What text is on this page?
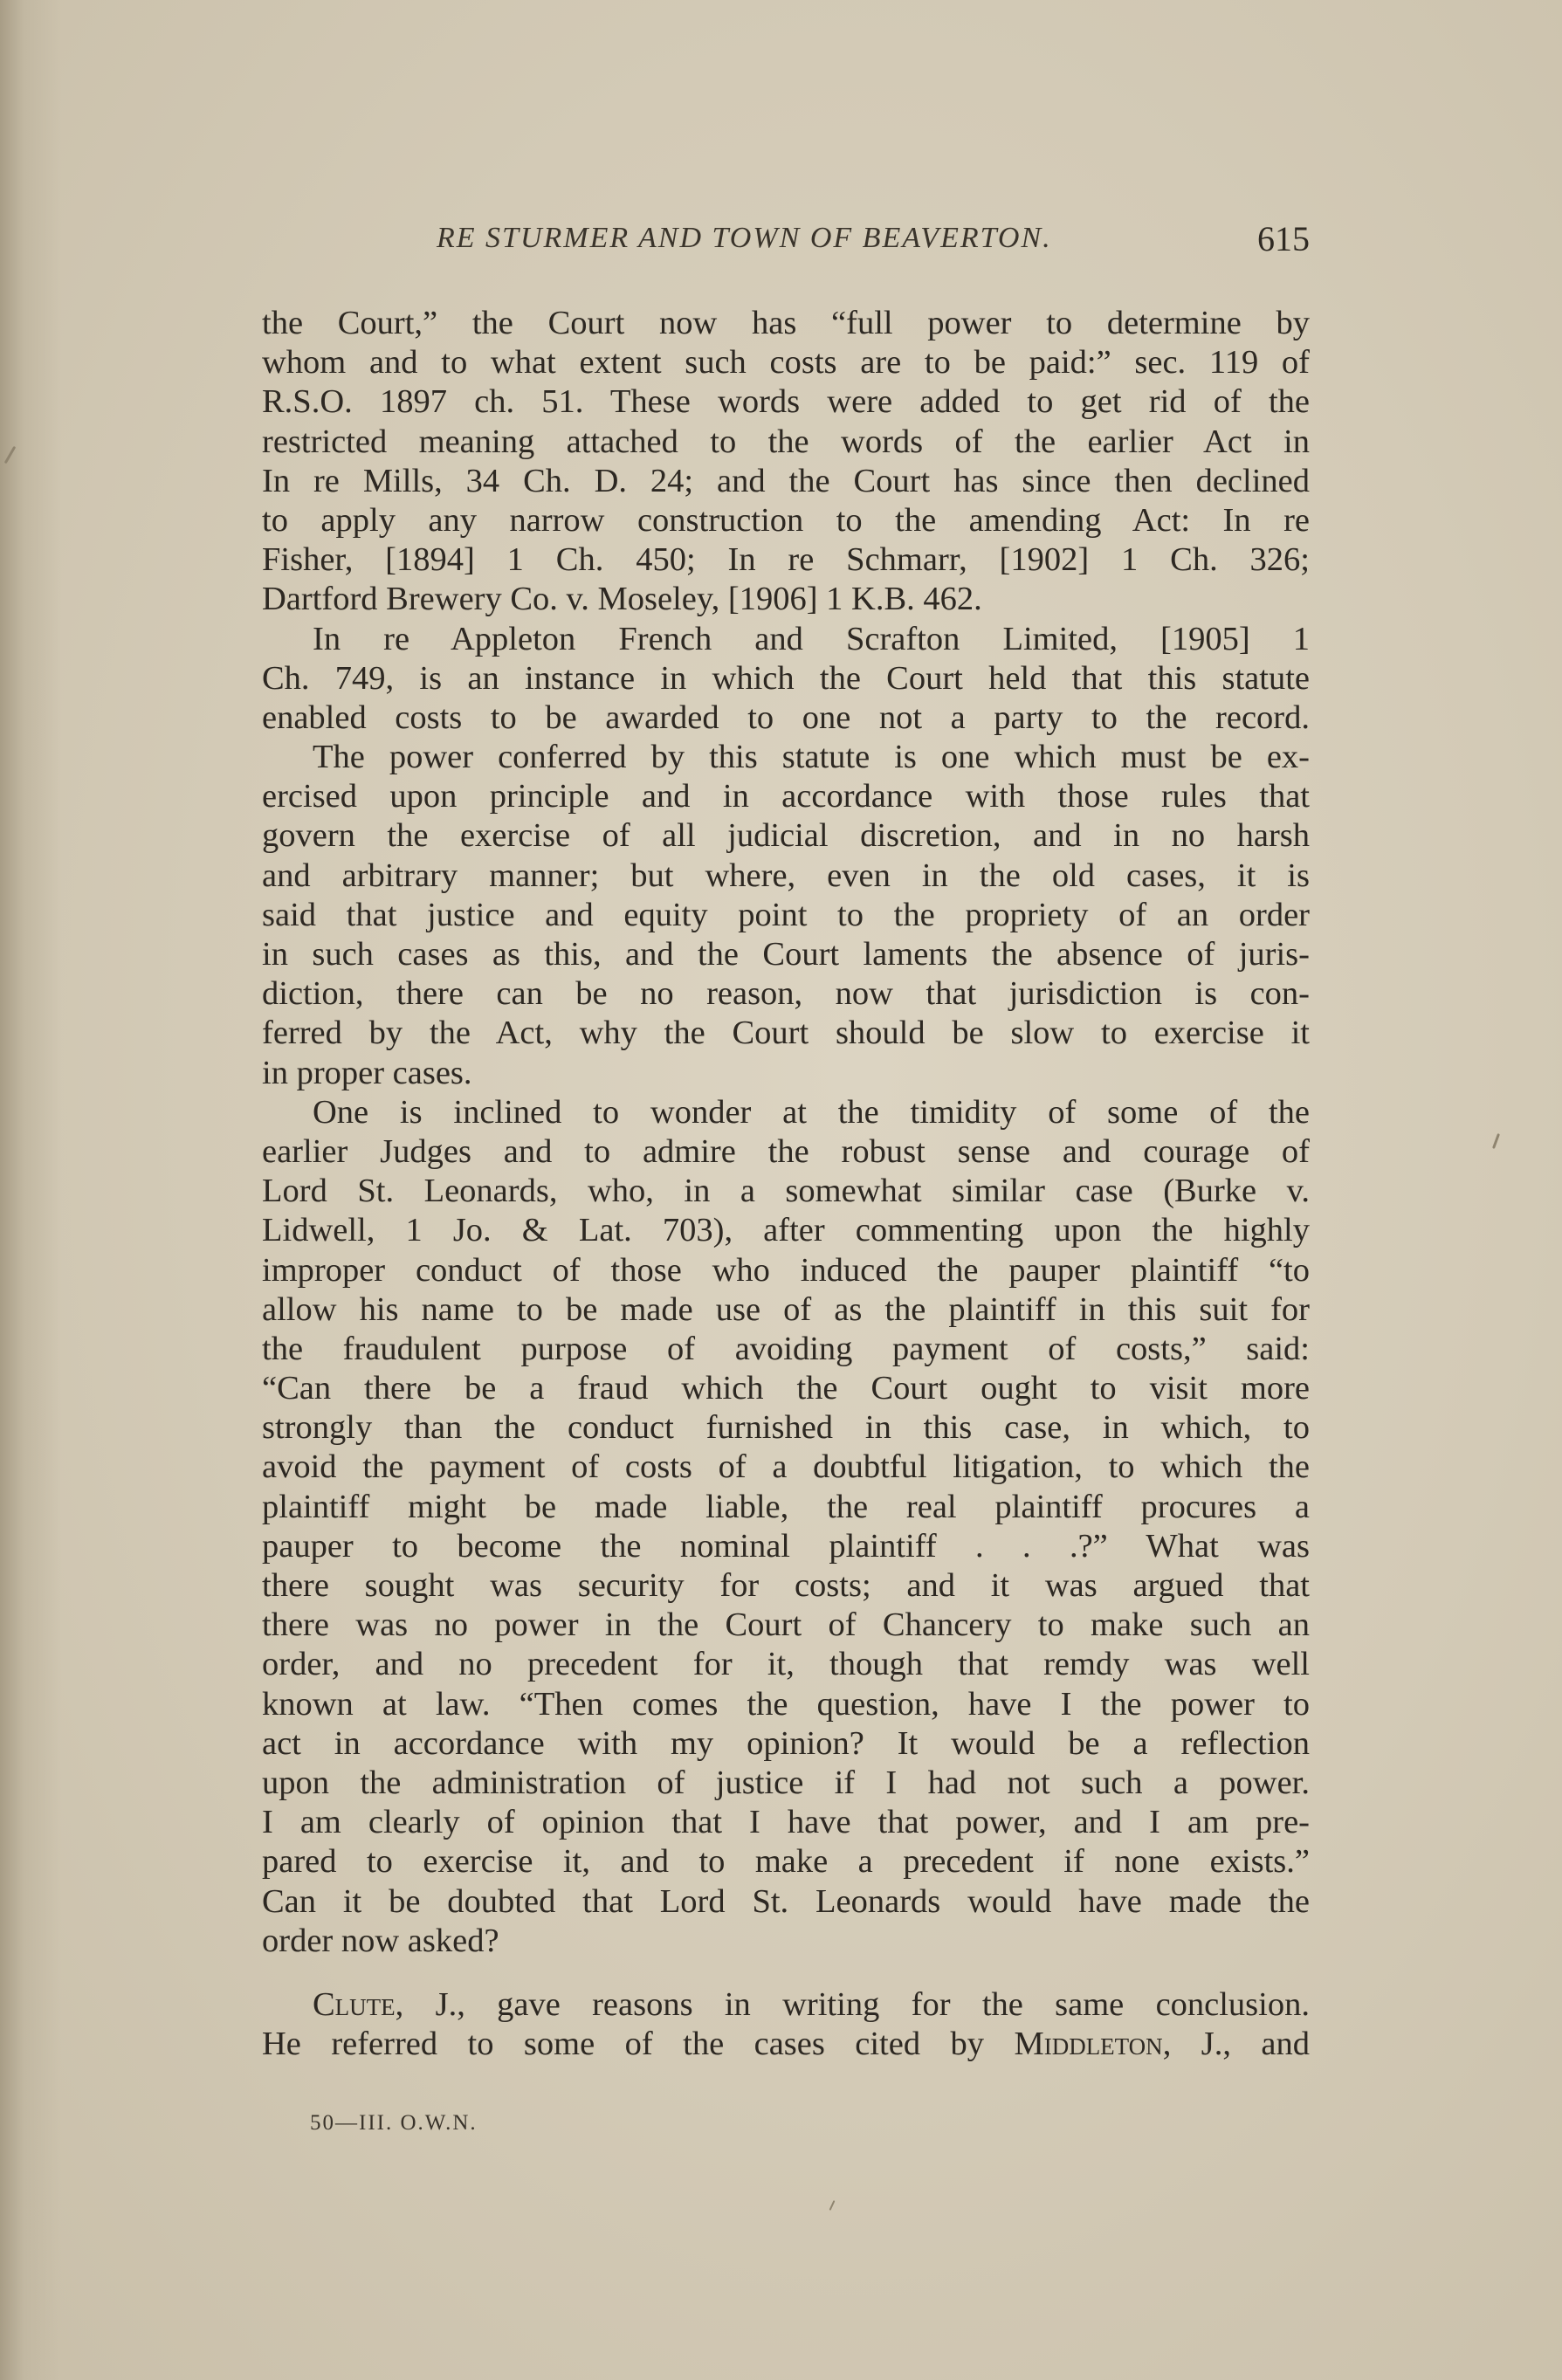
RE STURMER AND TOWN OF BEAVERTON.	615
the Court,” the Court now has “full power to determine by
whom and to what extent such costs are to be paid:” sec. 119 of
R.S.O. 1897 ch. 51. These words were added to get rid of the
restricted meaning attached to the words of the earlier Act in
In re Mills, 34 Ch. D. 24; and the Court has since then declined
to apply any narrow construction to the amending Act: In re
Fisher, [1894] 1 Ch. 450; In re Schmarr, [1902] 1 Ch. 326;
Dartford Brewery Co. v. Moseley, [1906] 1 K.B. 462.
In re Appleton French and Scrafton Limited, [1905] 1
Ch. 749, is an instance in which the Court held that this statute
enabled costs to be awarded to one not a party to the record.
The power conferred by this statute is one which must be ex-
ercised upon principle and in accordance with those rules that
govern the exercise of all judicial discretion, and in no harsh
and arbitrary manner; but where, even in the old cases, it is
said that justice and equity point to the propriety of an order
in such cases as this, and the Court laments the absence of juris-
diction, there can be no reason, now that jurisdiction is con-
ferred by the Act, why the Court should be slow to exercise it
in proper cases.
One is inclined to wonder at the timidity of some of the
earlier Judges and to admire the robust sense and courage of
Lord St. Leonards, who, in a somewhat similar case (Burke v.
Lidwell, 1 Jo. & Lat. 703), after commenting upon the highly
improper conduct of those who induced the pauper plaintiff “to
allow his name to be made use of as the plaintiff in this suit for
the fraudulent purpose of avoiding payment of costs,” said:
“Can there be a fraud which the Court ought to visit more
strongly than the conduct furnished in this case, in which, to
avoid the payment of costs of a doubtful litigation, to which the
plaintiff might be made liable, the real plaintiff procures a
pauper to become the nominal plaintiff . . .?” What was
there sought was security for costs; and it was argued that
there was no power in the Court of Chancery to make such an
order, and no precedent for it, though that remdy was well
known at law. “Then comes the question, have I the power to
act in accordance with my opinion? It would be a reflection
upon the administration of justice if I had not such a power.
I am clearly of opinion that I have that power, and I am pre-
pared to exercise it, and to make a precedent if none exists.”
Can it be doubted that Lord St. Leonards would have made the
order now asked?
Clute, J., gave reasons in writing for the same conclusion.
He referred to some of the cases cited by Middleton, J., and
50—III. O.W.N.
